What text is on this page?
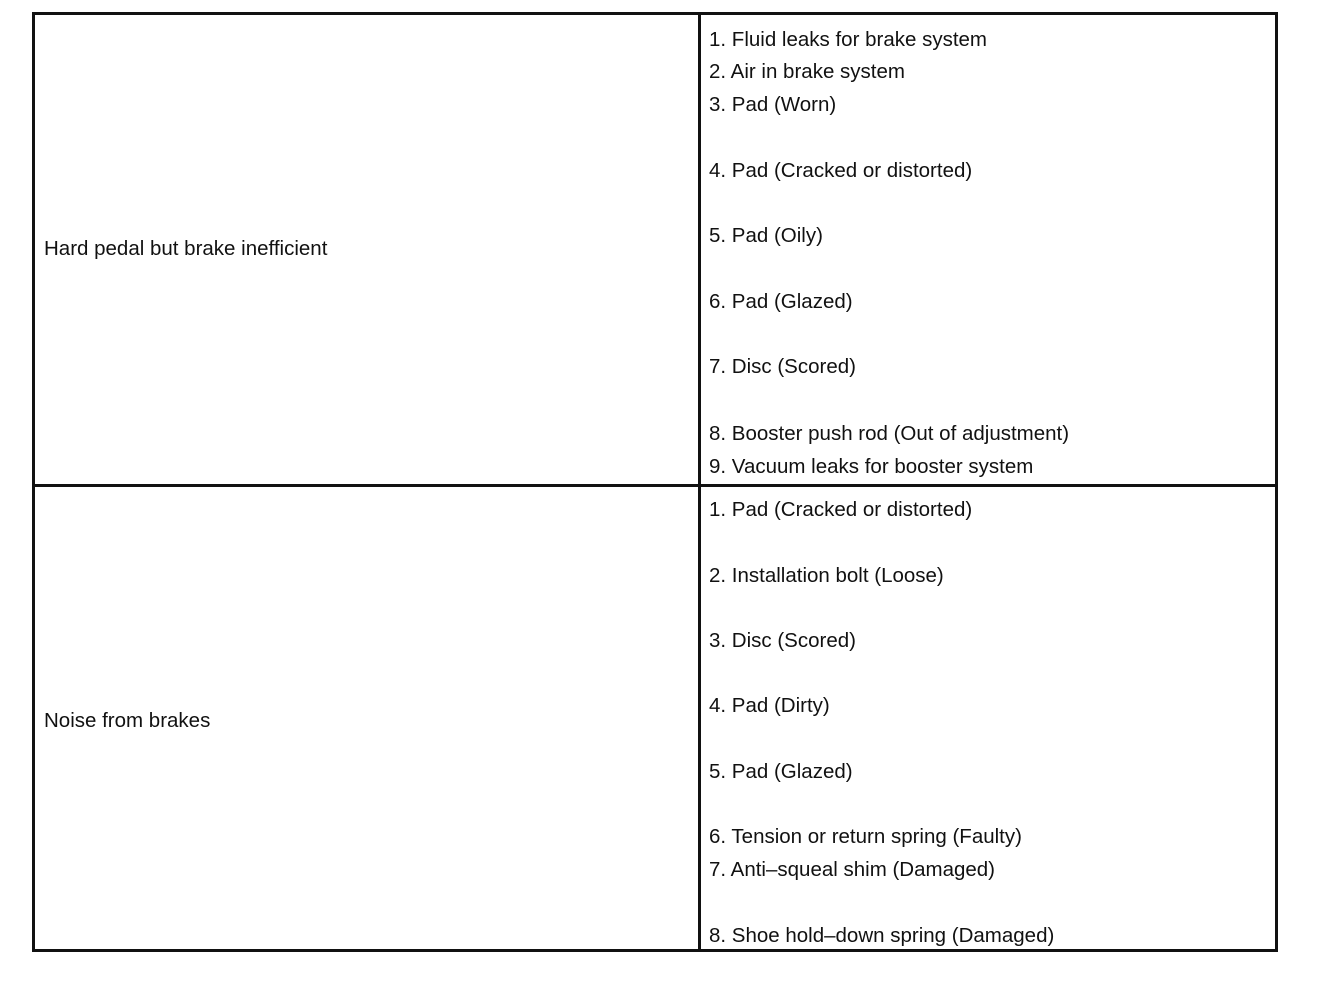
Hard pedal but brake inefficient
1. Fluid leaks for brake system
2. Air in brake system
3. Pad (Worn)
4. Pad (Cracked or distorted)
5. Pad (Oily)
6. Pad (Glazed)
7. Disc (Scored)
8. Booster push rod (Out of adjustment)
9. Vacuum leaks for booster system
Noise from brakes
1. Pad (Cracked or distorted)
2. Installation bolt (Loose)
3. Disc (Scored)
4. Pad (Dirty)
5. Pad (Glazed)
6. Tension or return spring (Faulty)
7. Anti–squeal shim (Damaged)
8. Shoe hold–down spring (Damaged)
